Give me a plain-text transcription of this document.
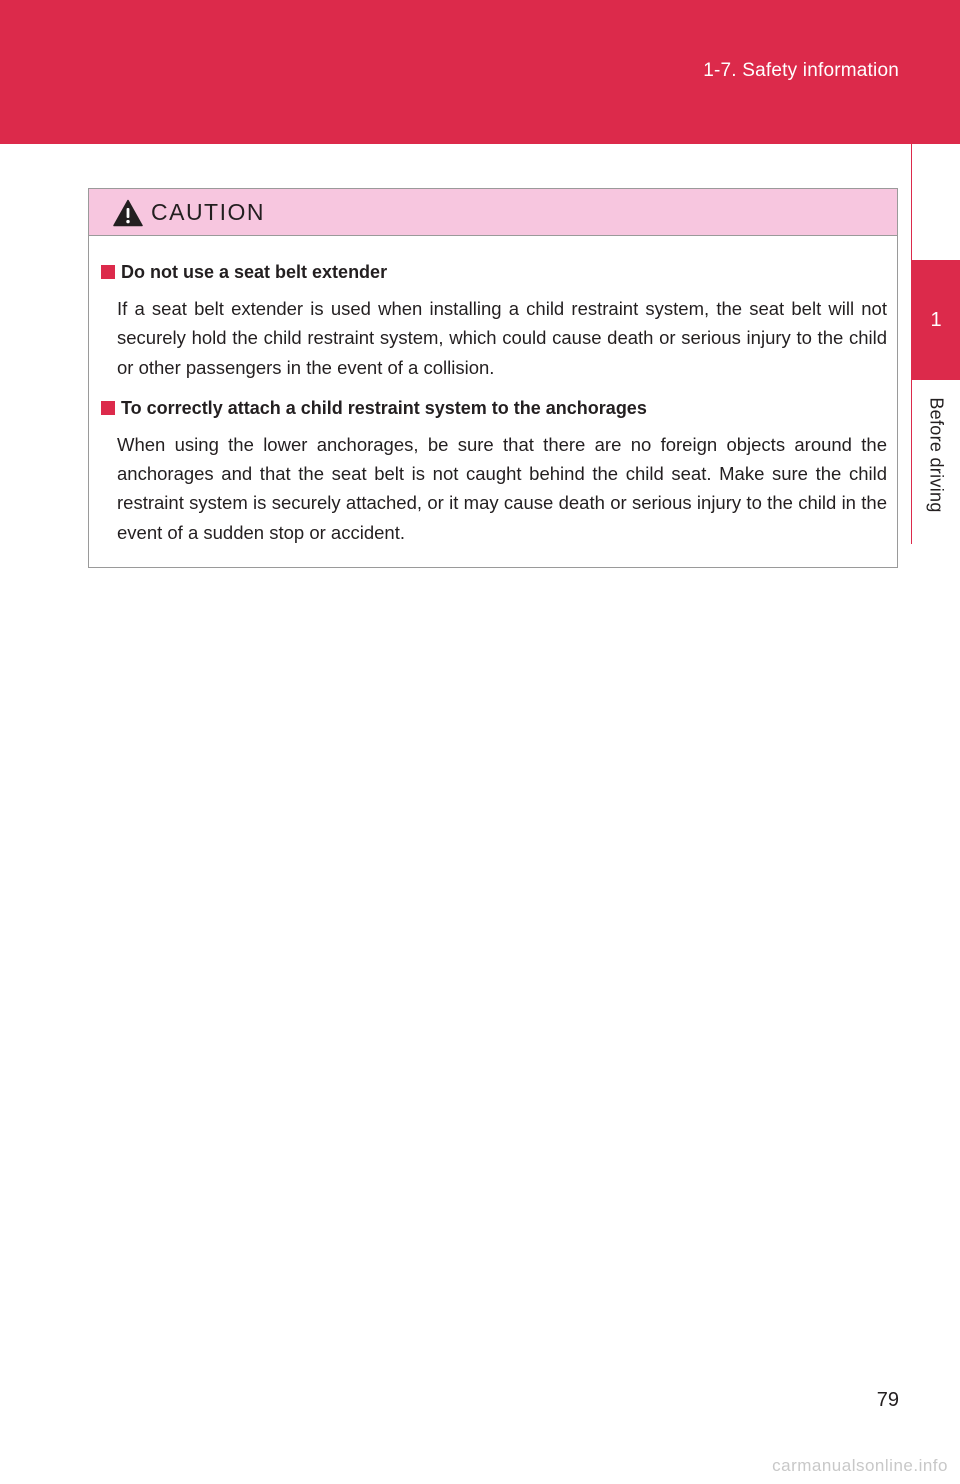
1-7. Safety information
1
Before driving
CAUTION
Do not use a seat belt extender
If a seat belt extender is used when installing a child restraint system, the seat belt will not securely hold the child restraint system, which could cause death or serious injury to the child or other passengers in the event of a collision.
To correctly attach a child restraint system to the anchorages
When using the lower anchorages, be sure that there are no foreign objects around the anchorages and that the seat belt is not caught behind the child seat. Make sure the child restraint system is securely attached, or it may cause death or serious injury to the child in the event of a sudden stop or accident.
79
carmanualsonline.info
